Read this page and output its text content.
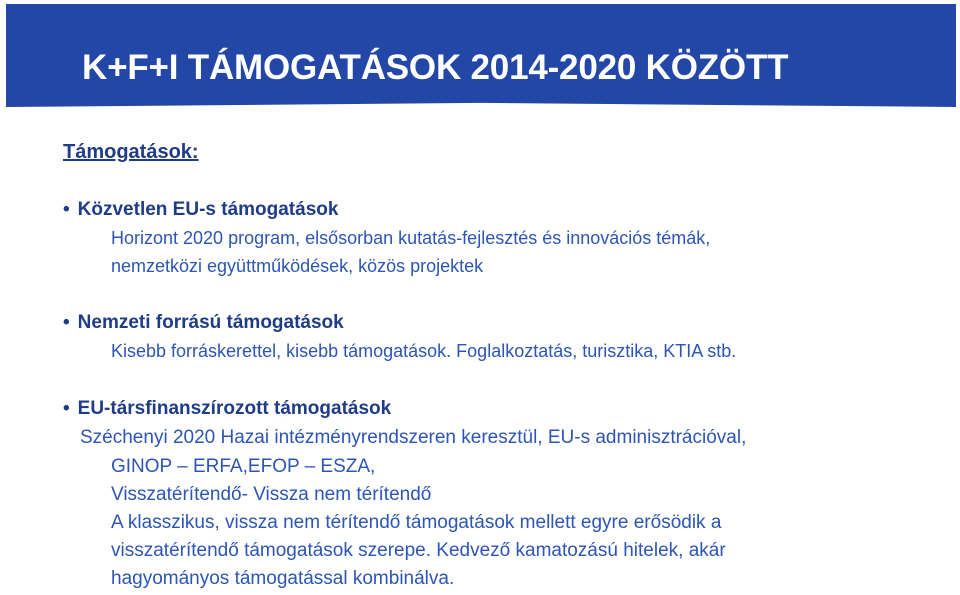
K+F+I TÁMOGATÁSOK 2014-2020 KÖZÖTT
Támogatások:
• Közvetlen EU-s támogatások
Horizont 2020 program, elsősorban kutatás-fejlesztés és innovációs témák,
nemzetközi együttműködések, közös projektek
• Nemzeti forrású támogatások
Kisebb forráskerettel, kisebb támogatások. Foglalkoztatás, turisztika, KTIA stb.
• EU-társfinanszírozott támogatások
Széchenyi 2020 Hazai intézményrendszeren keresztül, EU-s adminisztrációval,
GINOP – ERFA,EFOP – ESZA,
Visszatérítendő- Vissza nem térítendő
A klasszikus, vissza nem térítendő támogatások mellett egyre erősödik a
visszatérítendő támogatások szerepe. Kedvező kamatozású hitelek, akár
hagyományos támogatással kombinálva.
